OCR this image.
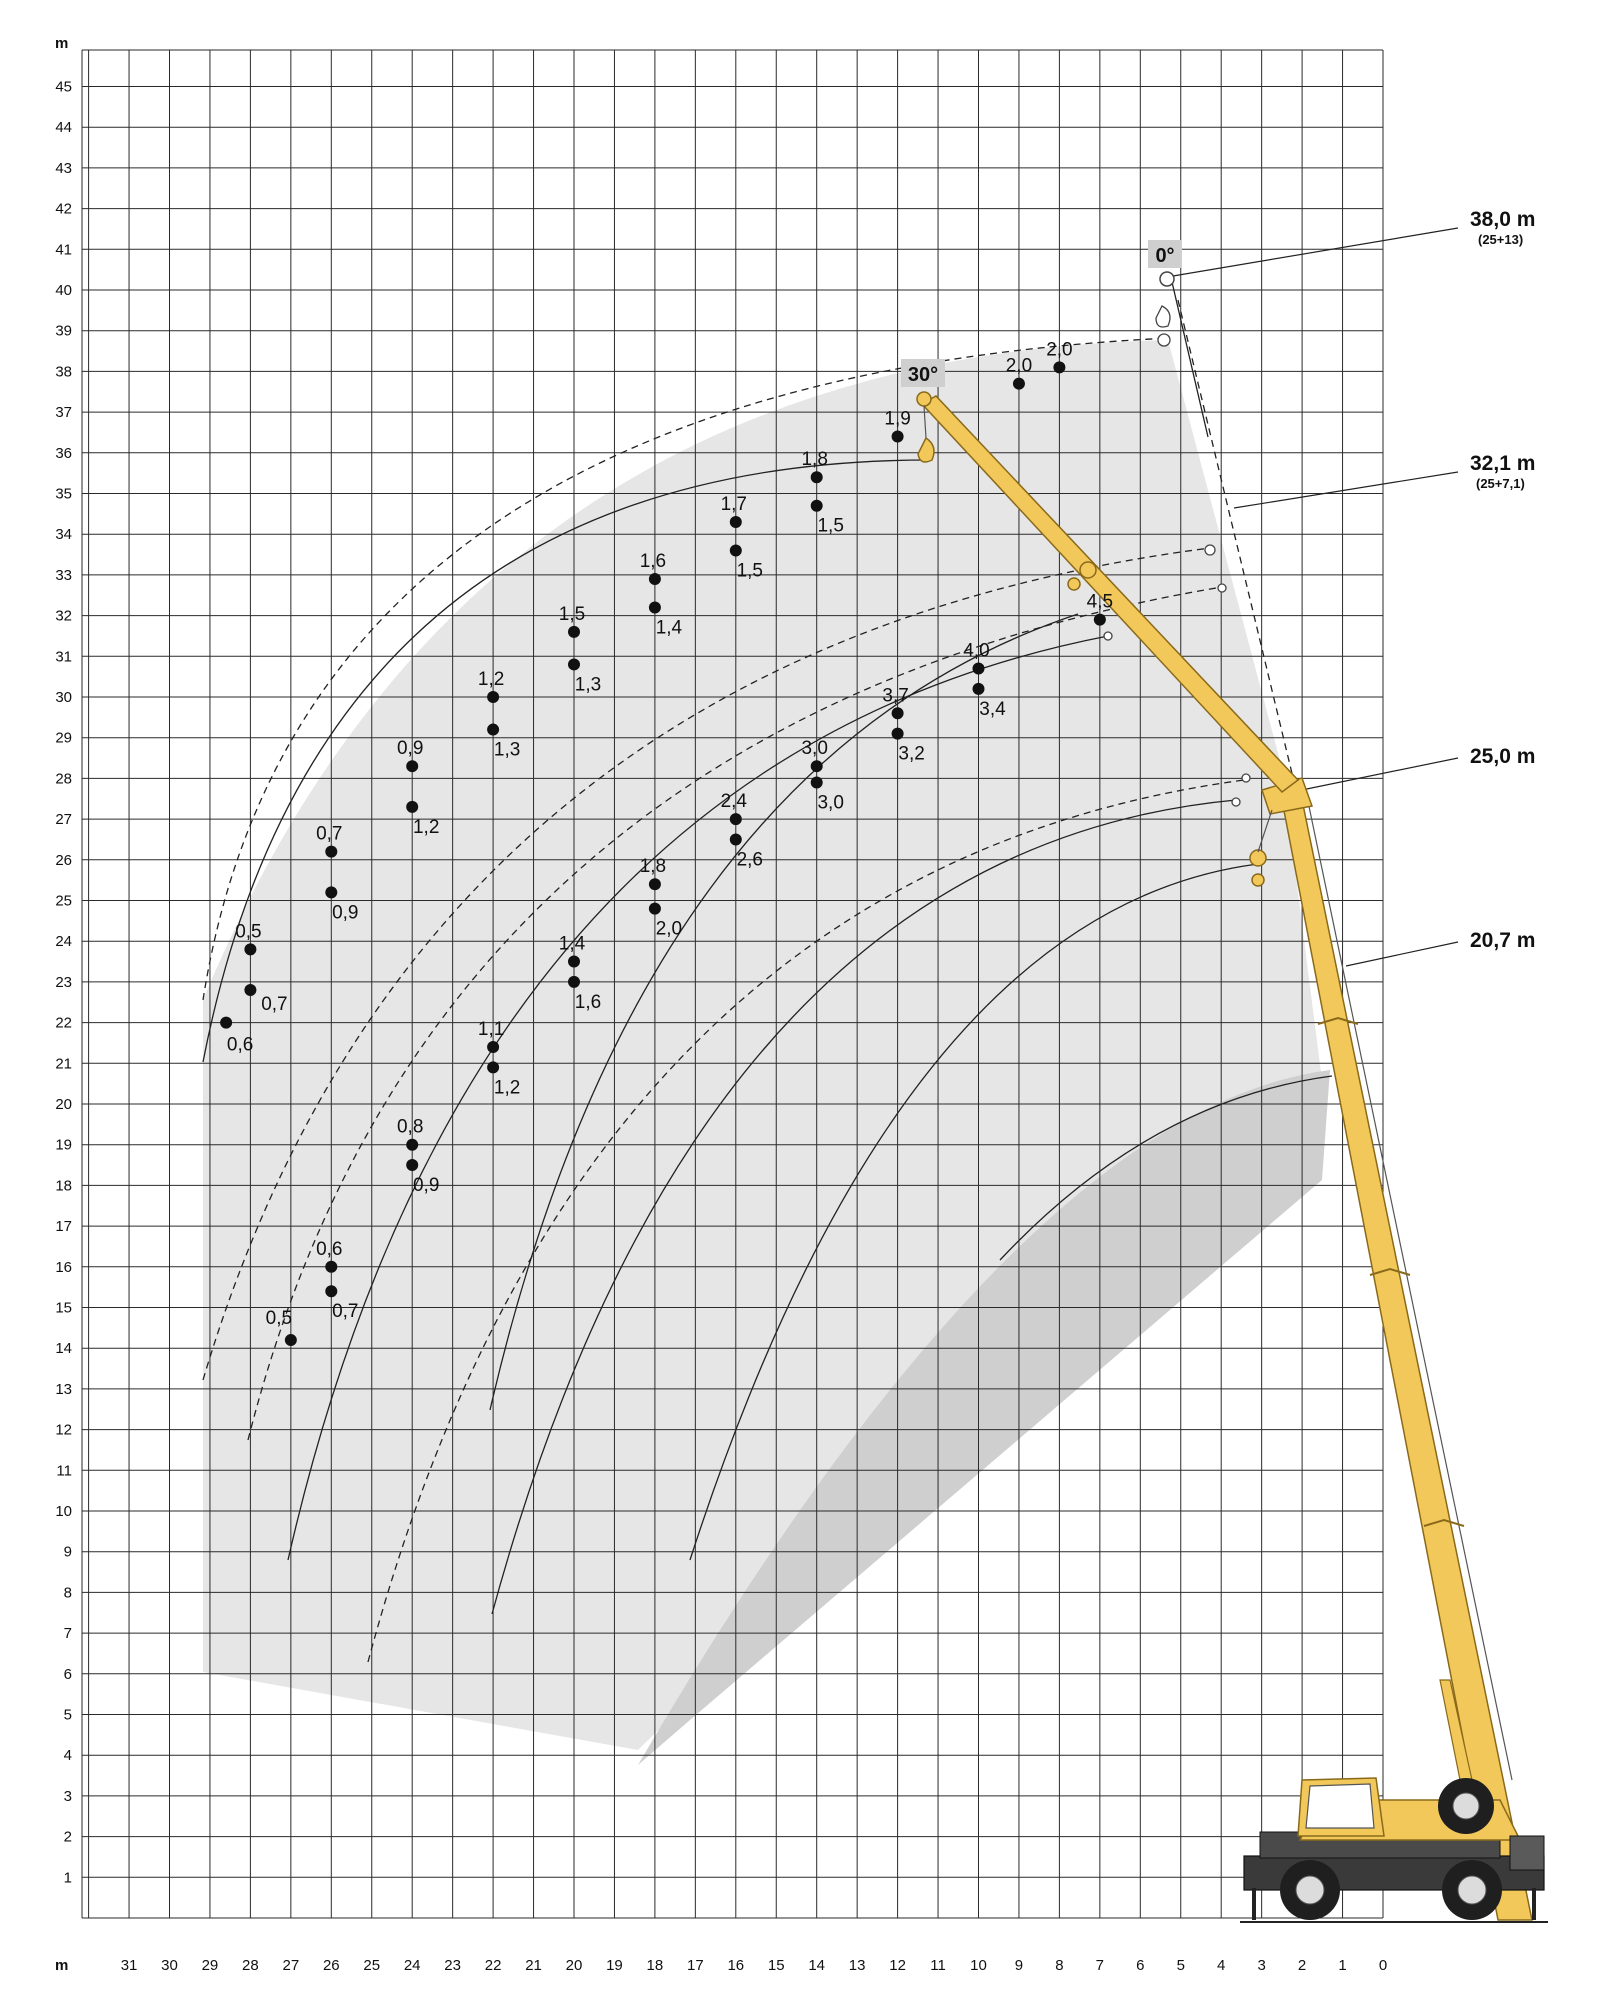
1
2
3
4
5
6
7
8
9
10
11
12
13
14
15
16
17
18
19
20
21
22
23
24
25
26
27
28
29
30
31
32
33
34
35
36
37
38
39
40
41
42
43
44
45
31 30 29 28 27 26 25 24 23 22 21 20 19 18 17 16 15 14 13 12 11 10 9 8 7 6 5 4 3 2 1 0
m
m
38,0 m
(25+13)
32,1 m
(25+7,1)
25,0 m
20,7 m
0°
30°
1,9
2,0
2,0
1,8
1,5
1,7
1,5
1,6
1,4
1,5
1,3
1,2
1,3
0,9
1,2
0,7
0,9
0,5
0,7
0,6
4,5
4,0
3,4
3,7
3,2
3,0
3,0
2,4
2,6
1,8
2,0
1,4
1,6
1,1
1,2
0,8
0,9
0,6
0,7
0,5
